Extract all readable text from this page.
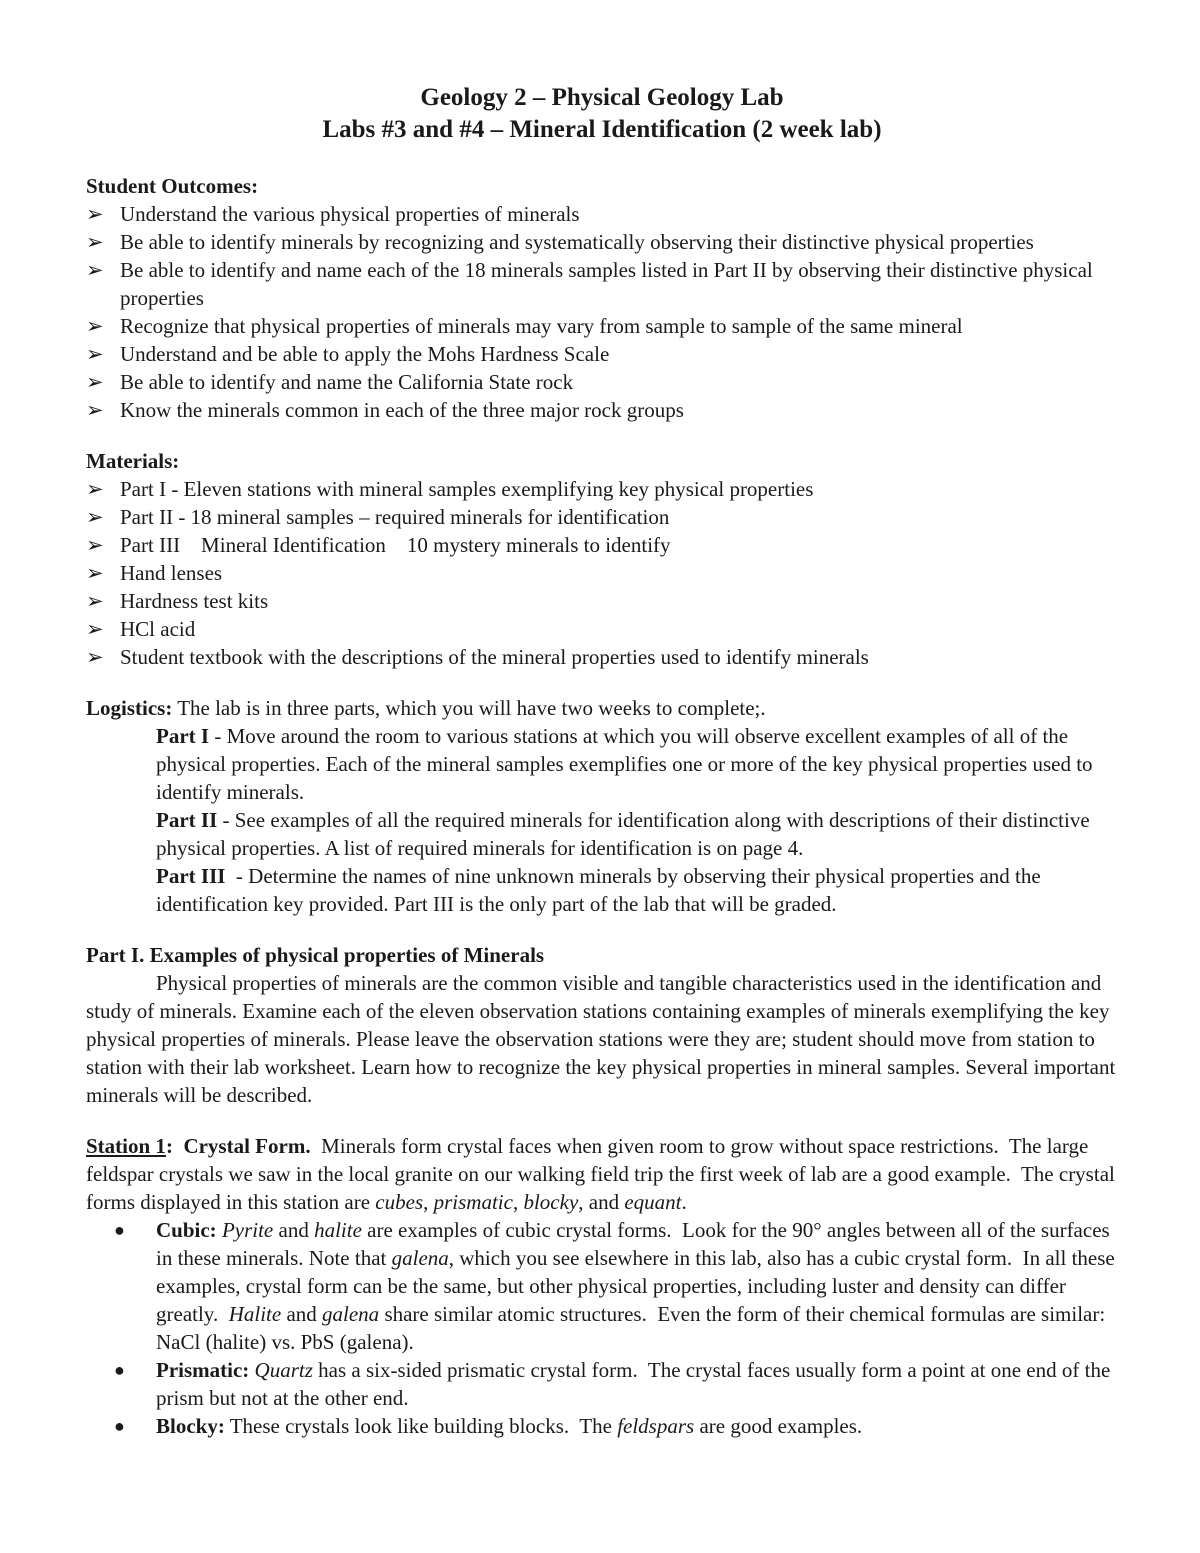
Geology 2 – Physical Geology Lab
Labs #3 and #4 – Mineral Identification (2 week lab)

Student Outcomes:

➢ Understand the various physical properties of minerals
➢ Be able to identify minerals by recognizing and systematically observing their distinctive physical properties
➢ Be able to identify and name each of the 18 minerals samples listed in Part II by observing their distinctive physical properties
➢ Recognize that physical properties of minerals may vary from sample to sample of the same mineral
➢ Understand and be able to apply the Mohs Hardness Scale
➢ Be able to identify and name the California State rock
➢ Know the minerals common in each of the three major rock groups

Materials:

➢ Part I - Eleven stations with mineral samples exemplifying key physical properties
➢ Part II - 18 mineral samples – required minerals for identification
➢ Part III    Mineral Identification    10 mystery minerals to identify
➢ Hand lenses
➢ Hardness test kits
➢ HCl acid
➢ Student textbook with the descriptions of the mineral properties used to identify minerals

Logistics: The lab is in three parts, which you will have two weeks to complete;.

Part I - Move around the room to various stations at which you will observe excellent examples of all of the physical properties. Each of the mineral samples exemplifies one or more of the key physical properties used to identify minerals.

Part II - See examples of all the required minerals for identification along with descriptions of their distinctive physical properties. A list of required minerals for identification is on page 4.

Part III  - Determine the names of nine unknown minerals by observing their physical properties and the identification key provided. Part III is the only part of the lab that will be graded.

Part I. Examples of physical properties of Minerals

Physical properties of minerals are the common visible and tangible characteristics used in the identification and study of minerals. Examine each of the eleven observation stations containing examples of minerals exemplifying the key physical properties of minerals. Please leave the observation stations were they are; student should move from station to station with their lab worksheet. Learn how to recognize the key physical properties in mineral samples. Several important minerals will be described.

Station 1:  Crystal Form.  Minerals form crystal faces when given room to grow without space restrictions.  The large feldspar crystals we saw in the local granite on our walking field trip the first week of lab are a good example.  The crystal forms displayed in this station are cubes, prismatic, blocky, and equant.

● Cubic: Pyrite and halite are examples of cubic crystal forms.  Look for the 90° angles between all of the surfaces in these minerals. Note that galena, which you see elsewhere in this lab, also has a cubic crystal form.  In all these examples, crystal form can be the same, but other physical properties, including luster and density can differ greatly.  Halite and galena share similar atomic structures.  Even the form of their chemical formulas are similar: NaCl (halite) vs. PbS (galena).
● Prismatic: Quartz has a six-sided prismatic crystal form.  The crystal faces usually form a point at one end of the prism but not at the other end.
● Blocky: These crystals look like building blocks.  The feldspars are good examples.
